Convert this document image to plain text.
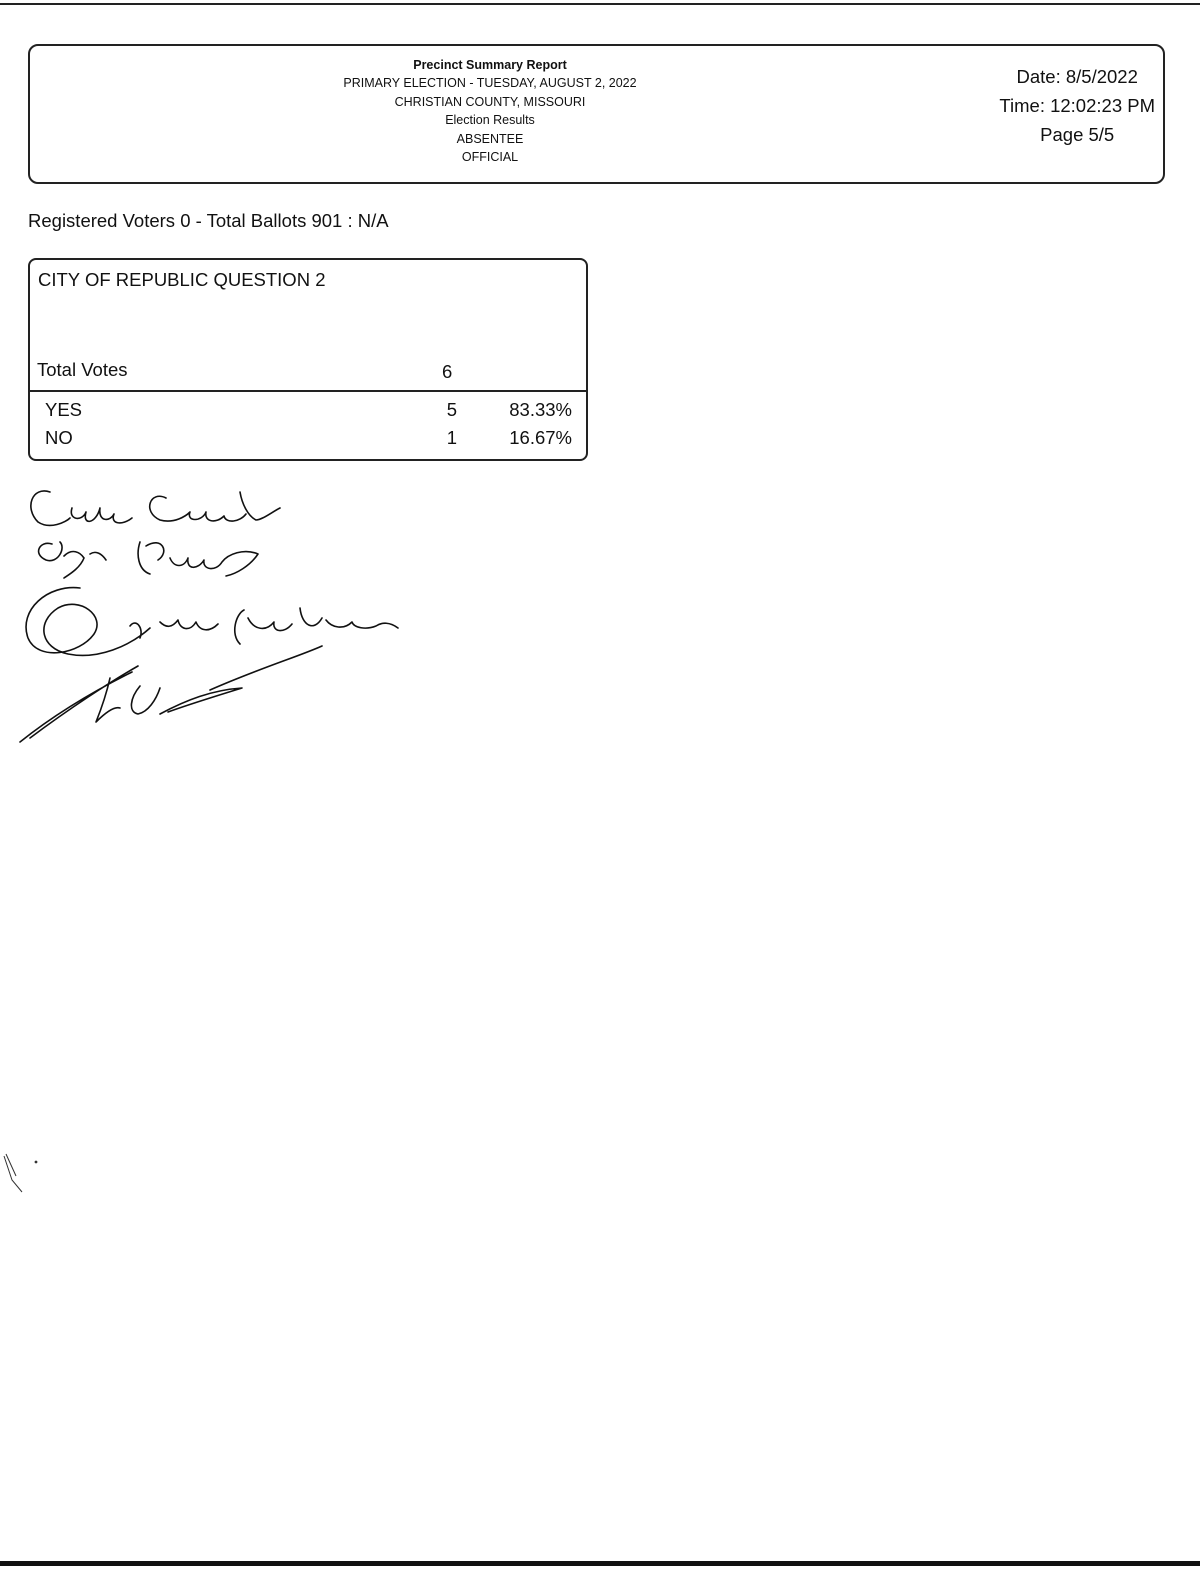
Precinct Summary Report
PRIMARY ELECTION - TUESDAY, AUGUST 2, 2022
CHRISTIAN COUNTY, MISSOURI
Election Results
ABSENTEE
OFFICIAL
Date: 8/5/2022
Time: 12:02:23 PM
Page 5/5
Registered Voters 0 - Total Ballots 901 : N/A
CITY OF REPUBLIC QUESTION 2
Total Votes	6
YES	5	83.33%
NO	1	16.67%
